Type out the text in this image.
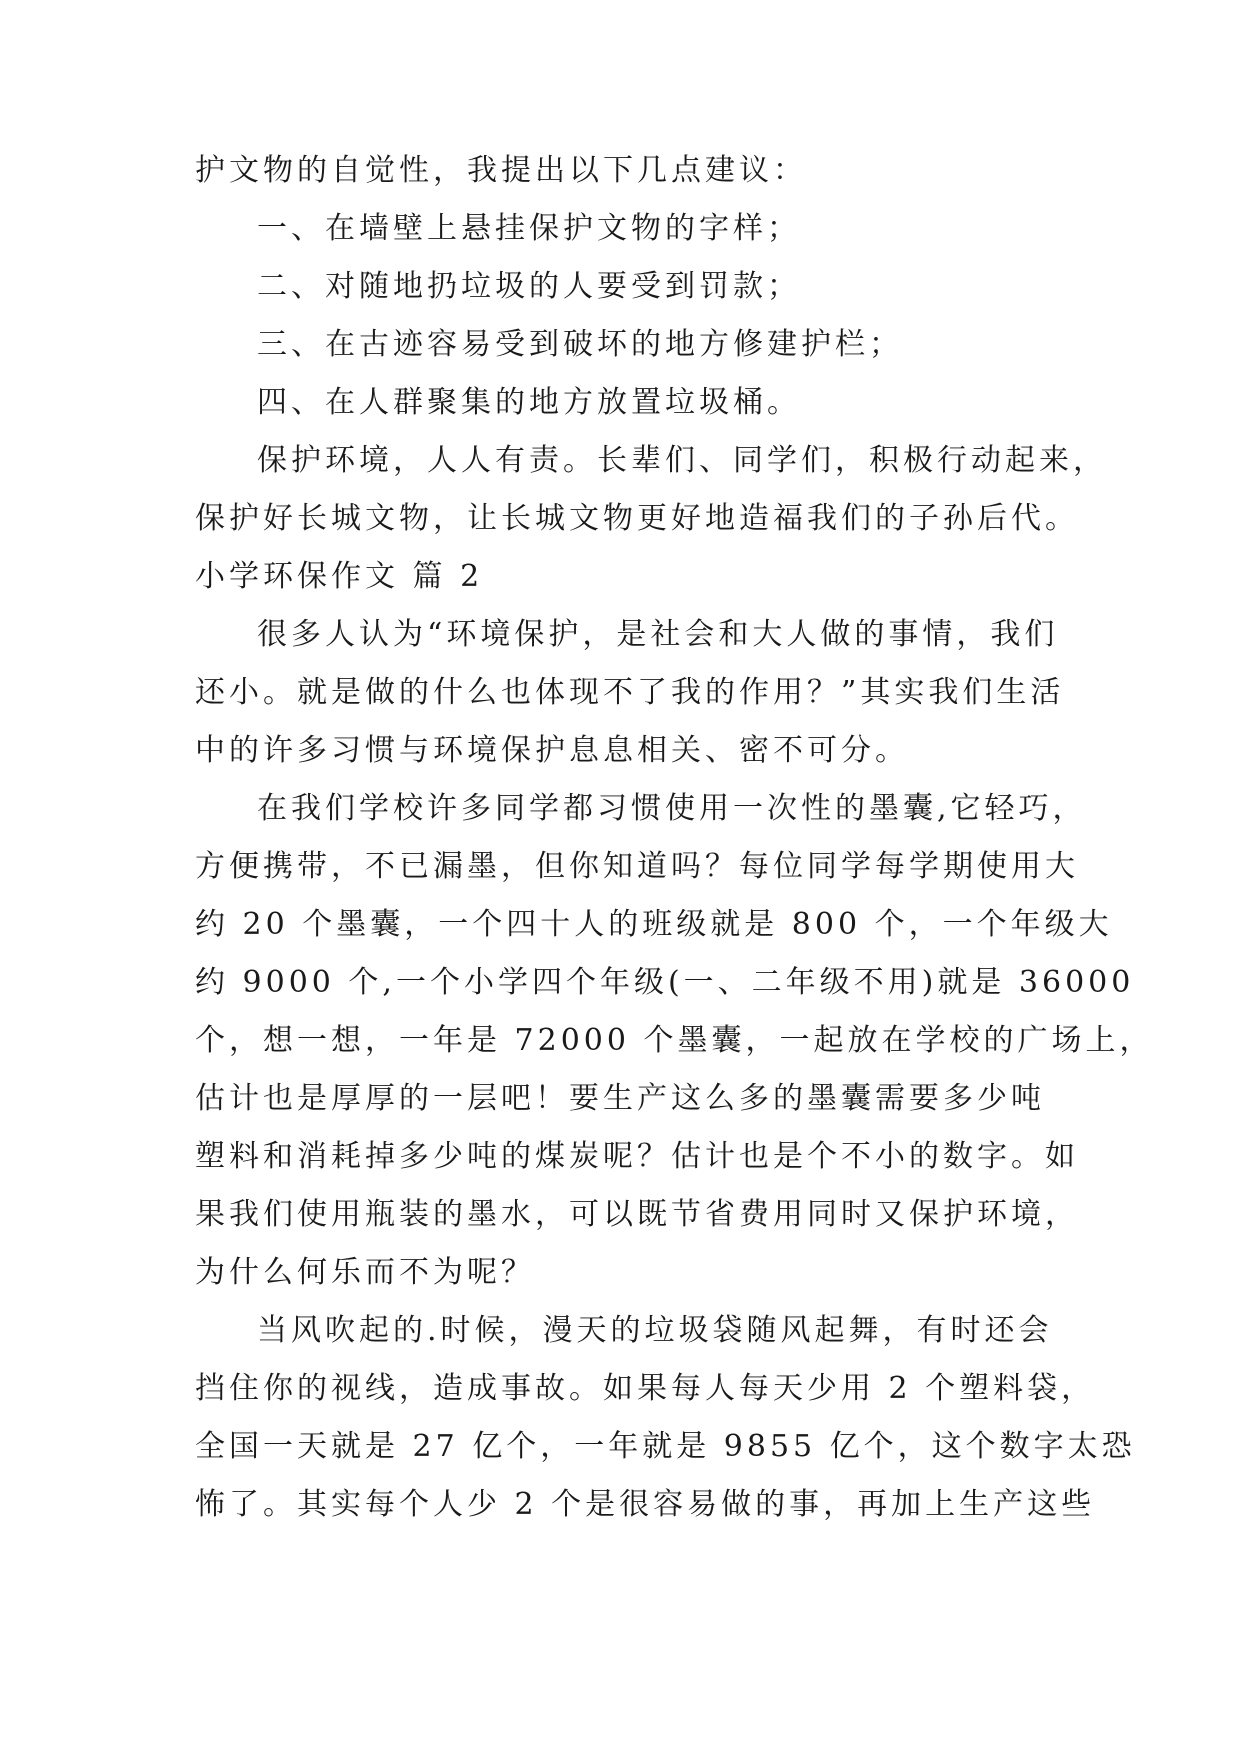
护文物的自觉性，我提出以下几点建议：
一、在墙壁上悬挂保护文物的字样；
二、对随地扔垃圾的人要受到罚款；
三、在古迹容易受到破坏的地方修建护栏；
四、在人群聚集的地方放置垃圾桶。
保护环境，人人有责。长辈们、同学们，积极行动起来，
保护好长城文物，让长城文物更好地造福我们的子孙后代。
小学环保作文 篇 2
很多人认为“环境保护，是社会和大人做的事情，我们
还小。就是做的什么也体现不了我的作用？”其实我们生活
中的许多习惯与环境保护息息相关、密不可分。
在我们学校许多同学都习惯使用一次性的墨囊,它轻巧，
方便携带，不已漏墨，但你知道吗？每位同学每学期使用大
约 20 个墨囊，一个四十人的班级就是 800 个，一个年级大
约 9000 个,一个小学四个年级(一、二年级不用)就是 36000
个，想一想，一年是 72000 个墨囊，一起放在学校的广场上，
估计也是厚厚的一层吧！要生产这么多的墨囊需要多少吨
塑料和消耗掉多少吨的煤炭呢？估计也是个不小的数字。如
果我们使用瓶装的墨水，可以既节省费用同时又保护环境，
为什么何乐而不为呢？
当风吹起的.时候，漫天的垃圾袋随风起舞，有时还会
挡住你的视线，造成事故。如果每人每天少用 2 个塑料袋，
全国一天就是 27 亿个，一年就是 9855 亿个，这个数字太恐
怖了。其实每个人少 2 个是很容易做的事，再加上生产这些
